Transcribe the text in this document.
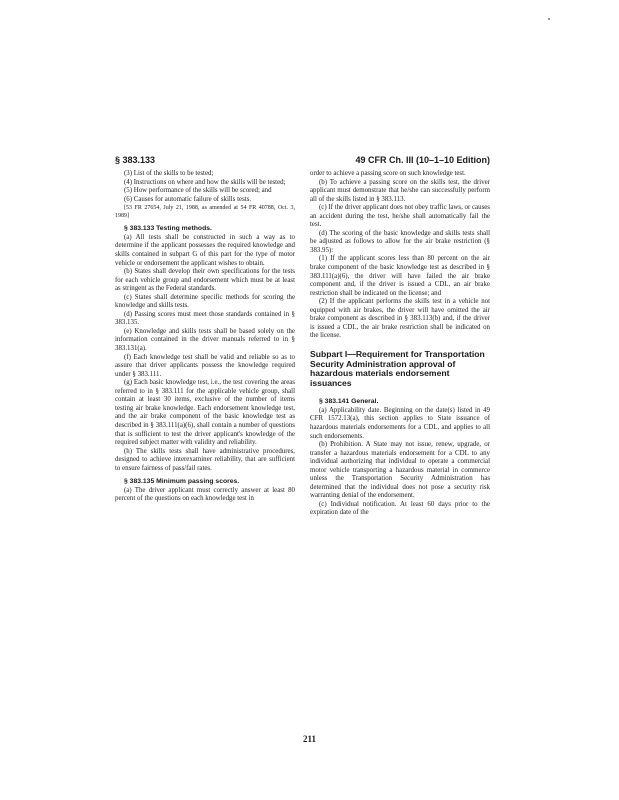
§ 383.133	49 CFR Ch. III (10–1–10 Edition)

(3) List of the skills to be tested;

(4) Instructions on where and how the skills will be tested;

(5) How performance of the skills will be scored; and

(6) Causes for automatic failure of skills tests.

[53 FR 27654, July 21, 1988, as amended at 54 FR 40788, Oct. 3, 1989]

§ 383.133 Testing methods.

(a) All tests shall be constructed in such a way as to determine if the applicant possesses the required knowledge and skills contained in subpart G of this part for the type of motor vehicle or endorsement the applicant wishes to obtain.

(b) States shall develop their own specifications for the tests for each vehicle group and endorsement which must be at least as stringent as the Federal standards.

(c) States shall determine specific methods for scoring the knowledge and skills tests.

(d) Passing scores must meet those standards contained in § 383.135.

(e) Knowledge and skills tests shall be based solely on the information contained in the driver manuals referred to in § 383.131(a).

(f) Each knowledge test shall be valid and reliable so as to assure that driver applicants possess the knowledge required under § 383.111.

(g) Each basic knowledge test, i.e., the test covering the areas referred to in § 383.111 for the applicable vehicle group, shall contain at least 30 items, exclusive of the number of items testing air brake knowledge. Each endorsement knowledge test, and the air brake component of the basic knowledge test as described in § 383.111(a)(6), shall contain a number of questions that is sufficient to test the driver applicant's knowledge of the required subject matter with validity and reliability.

(h) The skills tests shall have administrative procedures, designed to achieve interexaminer reliability, that are sufficient to ensure fairness of pass/fail rates.

§ 383.135 Minimum passing scores.

(a) The driver applicant must correctly answer at least 80 percent of the questions on each knowledge test in

order to achieve a passing score on such knowledge test.

(b) To achieve a passing score on the skills test, the driver applicant must demonstrate that he/she can successfully perform all of the skills listed in § 383.113.

(c) If the driver applicant does not obey traffic laws, or causes an accident during the test, he/she shall automatically fail the test.

(d) The scoring of the basic knowledge and skills tests shall be adjusted as follows to allow for the air brake restriction (§ 383.95):

(1) If the applicant scores less than 80 percent on the air brake component of the basic knowledge test as described in § 383.111(a)(6), the driver will have failed the air brake component and, if the driver is issued a CDL, an air brake restriction shall be indicated on the license; and

(2) If the applicant performs the skills test in a vehicle not equipped with air brakes, the driver will have omitted the air brake component as described in § 383.113(b) and, if the driver is issued a CDL, the air brake restriction shall be indicated on the license.

Subpart I—Requirement for Transportation Security Administration approval of hazardous materials endorsement issuances

§ 383.141 General.

(a) Applicability date. Beginning on the date(s) listed in 49 CFR 1572.13(a), this section applies to State issuance of hazardous materials endorsements for a CDL, and applies to all such endorsements.

(b) Prohibition. A State may not issue, renew, upgrade, or transfer a hazardous materials endorsement for a CDL to any individual authorizing that individual to operate a commercial motor vehicle transporting a hazardous material in commerce unless the Transportation Security Administration has determined that the individual does not pose a security risk warranting denial of the endorsement.

(c) Individual notification. At least 60 days prior to the expiration date of the

211
